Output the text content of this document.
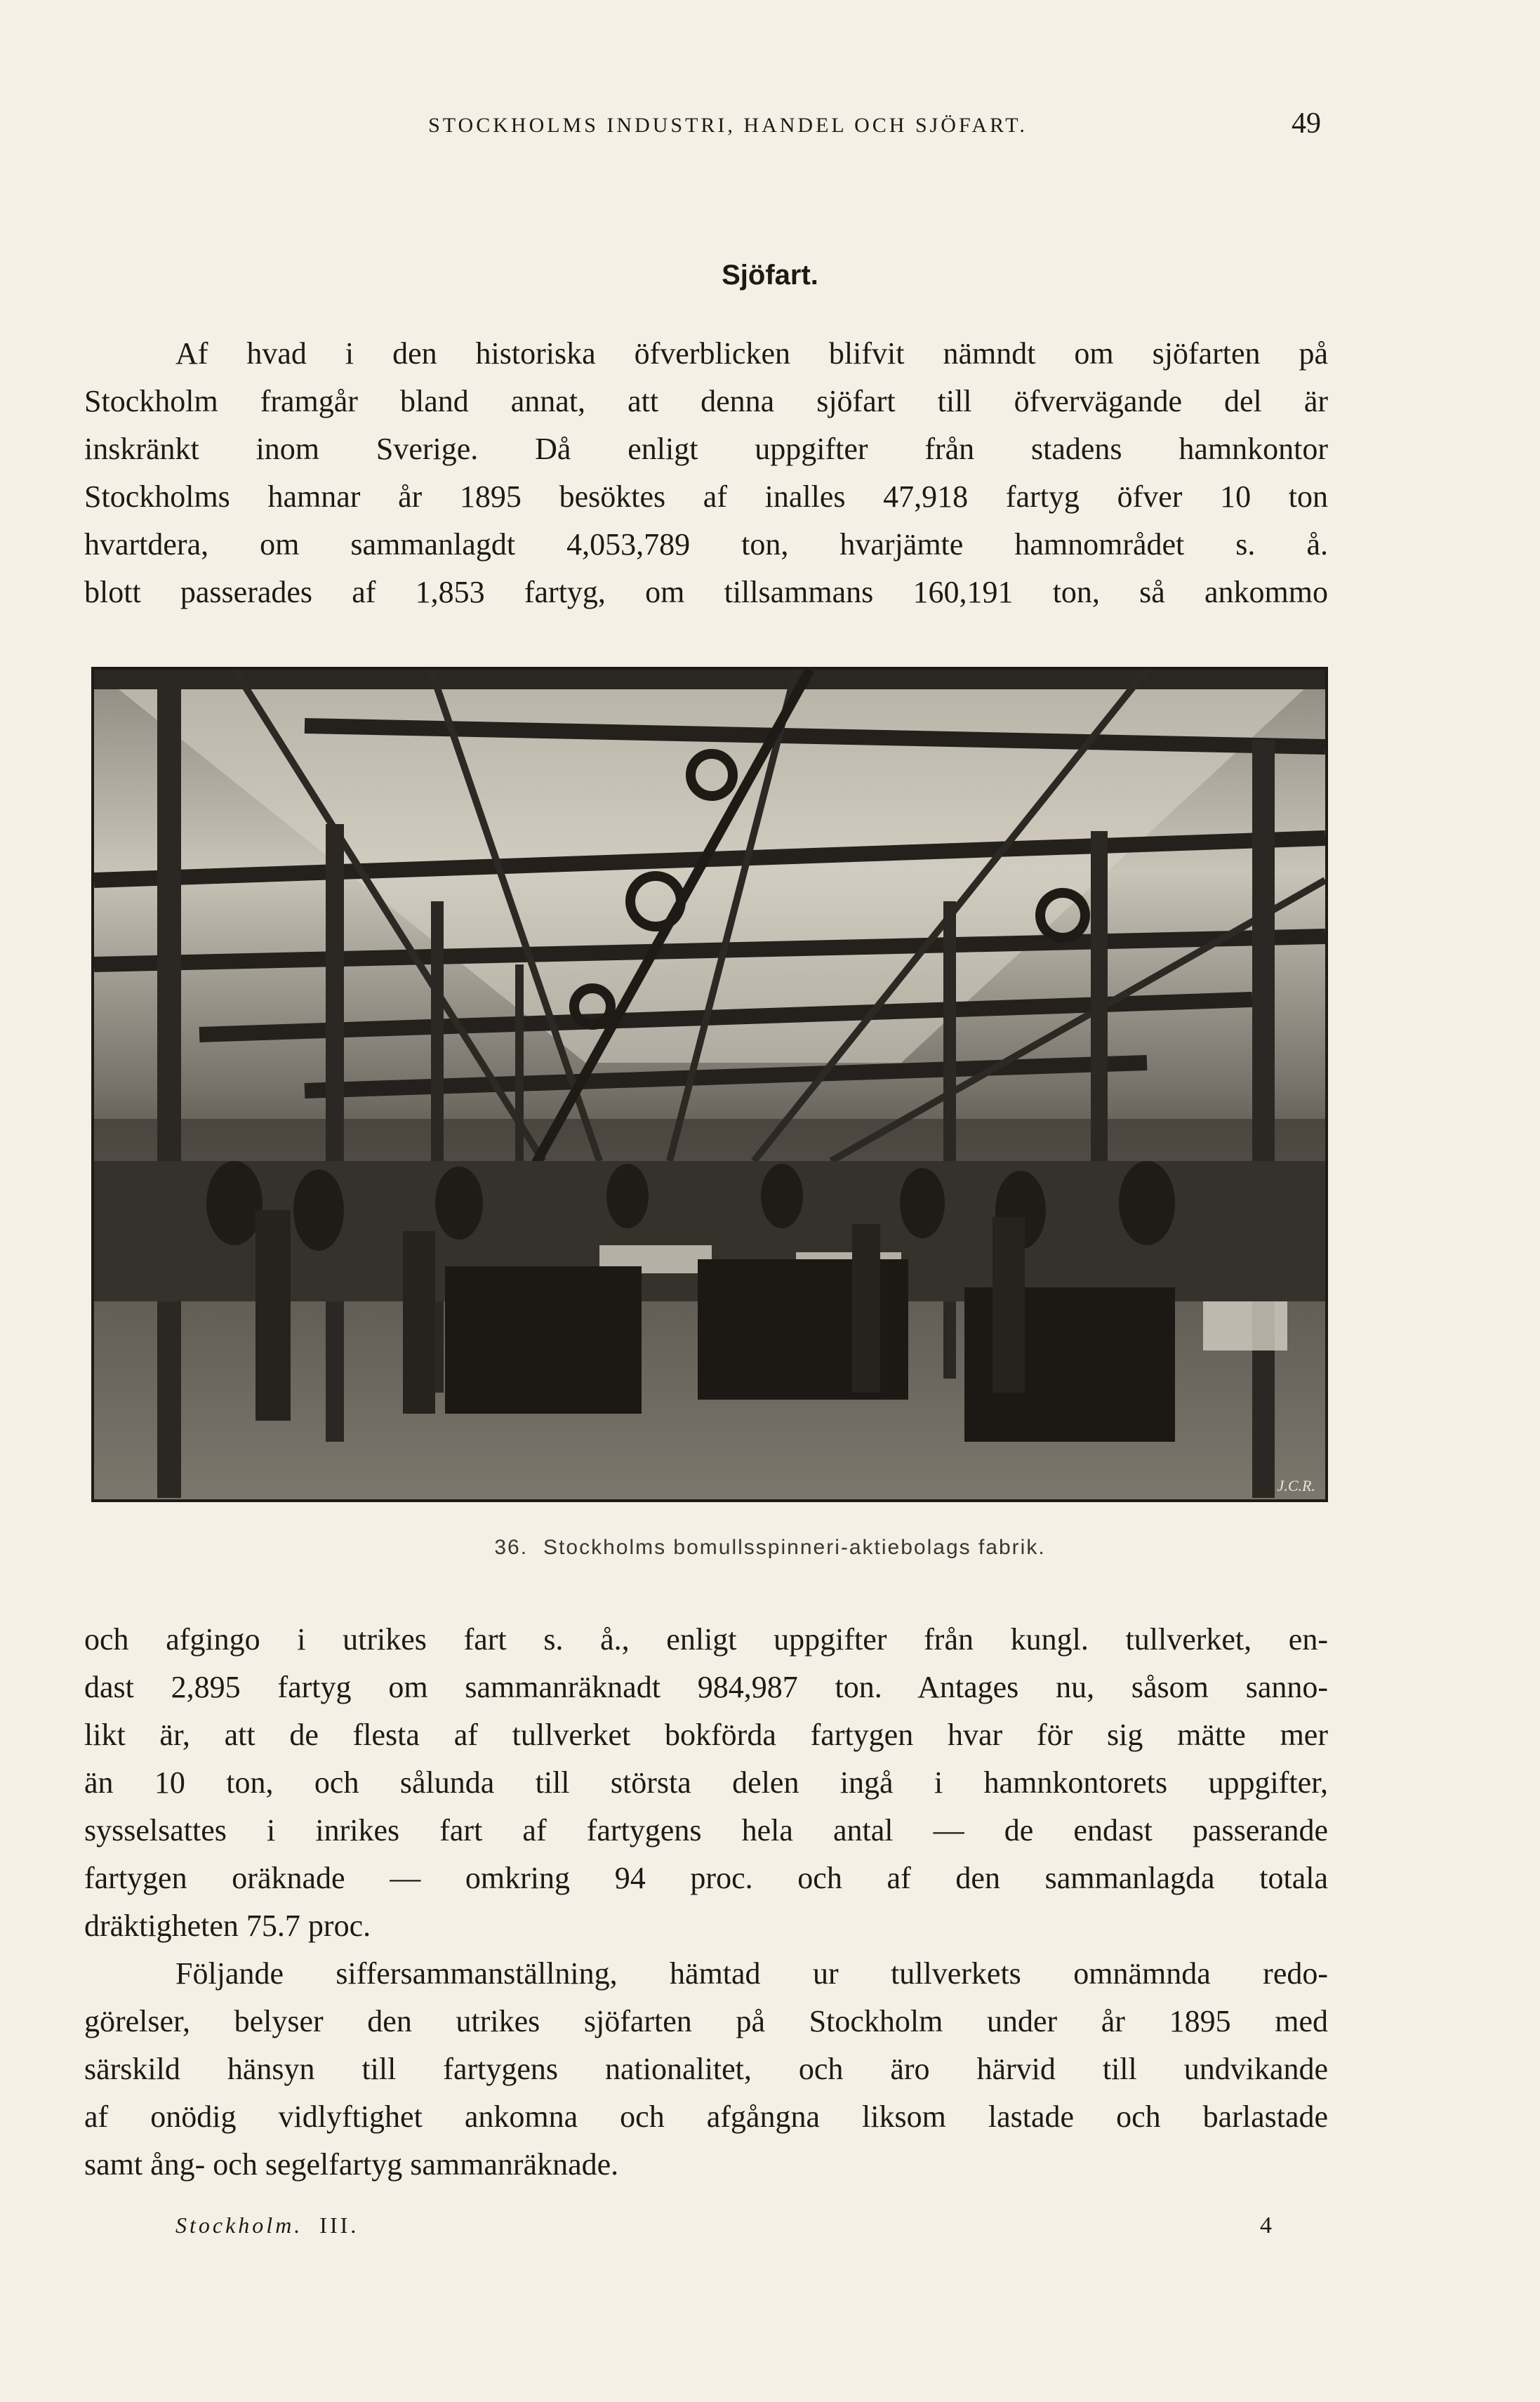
STOCKHOLMS INDUSTRI, HANDEL OCH SJÖFART.	49
Sjöfart.
Af hvad i den historiska öfverblicken blifvit nämndt om sjöfarten på
Stockholm framgår bland annat, att denna sjöfart till öfvervägande del är
inskränkt inom Sverige. Då enligt uppgifter från stadens hamnkontor
Stockholms hamnar år 1895 besöktes af inalles 47,918 fartyg öfver 10 ton
hvartdera, om sammanlagdt 4,053,789 ton, hvarjämte hamnområdet s. å.
blott passerades af 1,853 fartyg, om tillsammans 160,191 ton, så ankommo
J.C.R.
36. Stockholms bomullsspinneri-aktiebolags fabrik.
och afgingo i utrikes fart s. å., enligt uppgifter från kungl. tullverket, en-
dast 2,895 fartyg om sammanräknadt 984,987 ton. Antages nu, såsom sanno-
likt är, att de flesta af tullverket bokförda fartygen hvar för sig mätte mer
än 10 ton, och sålunda till största delen ingå i hamnkontorets uppgifter,
sysselsattes i inrikes fart af fartygens hela antal — de endast passerande
fartygen oräknade — omkring 94 proc. och af den sammanlagda totala
dräktigheten 75.7 proc.
Följande siffersammanställning, hämtad ur tullverkets omnämnda redo-
görelser, belyser den utrikes sjöfarten på Stockholm under år 1895 med
särskild hänsyn till fartygens nationalitet, och äro härvid till undvikande
af onödig vidlyftighet ankomna och afgångna liksom lastade och barlastade
samt ång- och segelfartyg sammanräknade.
Stockholm. III.	4
